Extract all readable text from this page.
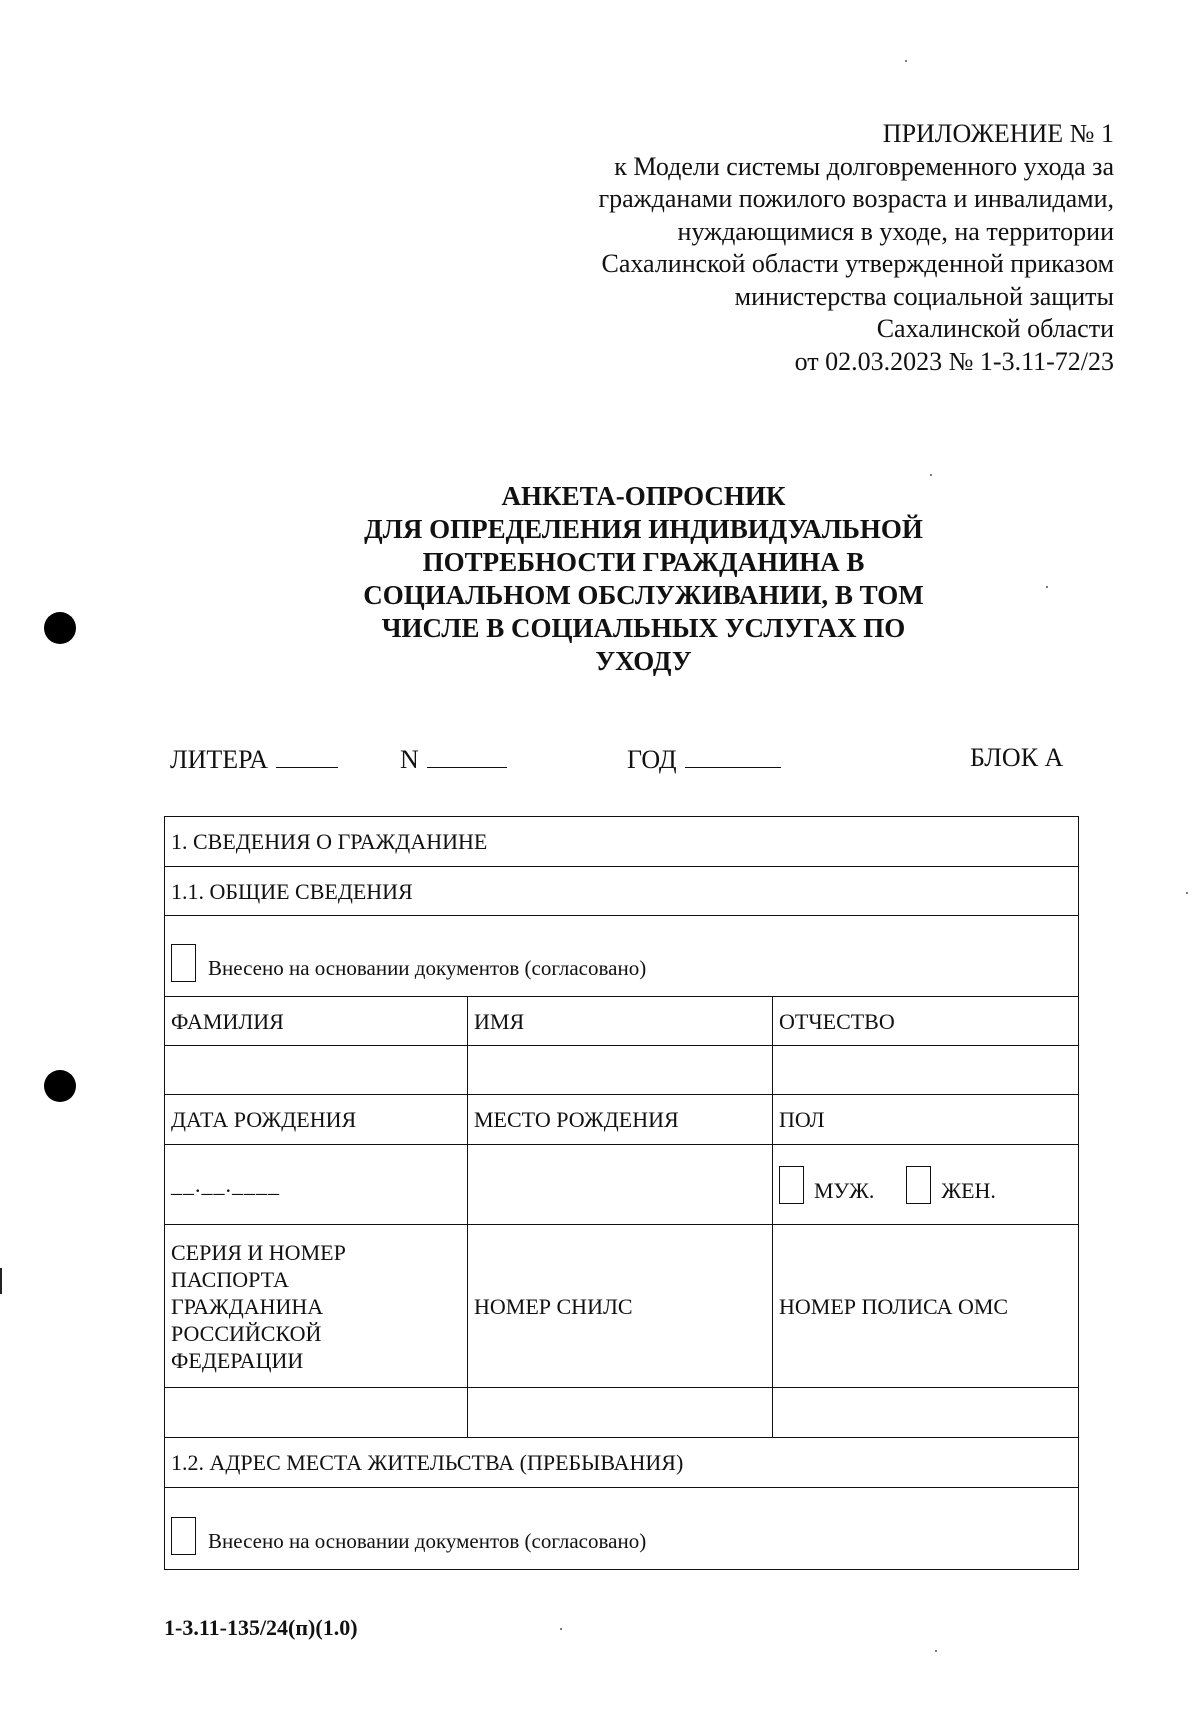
ПРИЛОЖЕНИЕ № 1
к Модели системы долговременного ухода за
гражданами пожилого возраста и инвалидами,
нуждающимися в уходе, на территории
Сахалинской области утвержденной приказом
министерства социальной защиты
Сахалинской области
от 02.03.2023 № 1-3.11-72/23
АНКЕТА-ОПРОСНИК
ДЛЯ ОПРЕДЕЛЕНИЯ ИНДИВИДУАЛЬНОЙ
ПОТРЕБНОСТИ ГРАЖДАНИНА В
СОЦИАЛЬНОМ ОБСЛУЖИВАНИИ, В ТОМ
ЧИСЛЕ В СОЦИАЛЬНЫХ УСЛУГАХ ПО
УХОДУ
ЛИТЕРА	N	ГОД	БЛОК А
1. СВЕДЕНИЯ О ГРАЖДАНИНЕ		
1.1. ОБЩИЕ СВЕДЕНИЯ		
Внесено на основании документов (согласовано)		
ФАМИЛИЯ	ИМЯ	ОТЧЕСТВО

ДАТА РОЖДЕНИЯ	МЕСТО РОЖДЕНИЯ	ПОЛ
__.__.____		МУЖ. ЖЕН.

СЕРИЯ И НОМЕР
ПАСПОРТА
ГРАЖДАНИНА
РОССИЙСКОЙ
ФЕДЕРАЦИИ	НОМЕР СНИЛС	НОМЕР ПОЛИСА ОМС

1.2. АДРЕС МЕСТА ЖИТЕЛЬСТВА (ПРЕБЫВАНИЯ)		
Внесено на основании документов (согласовано)		
1-3.11-135/24(п)(1.0)
